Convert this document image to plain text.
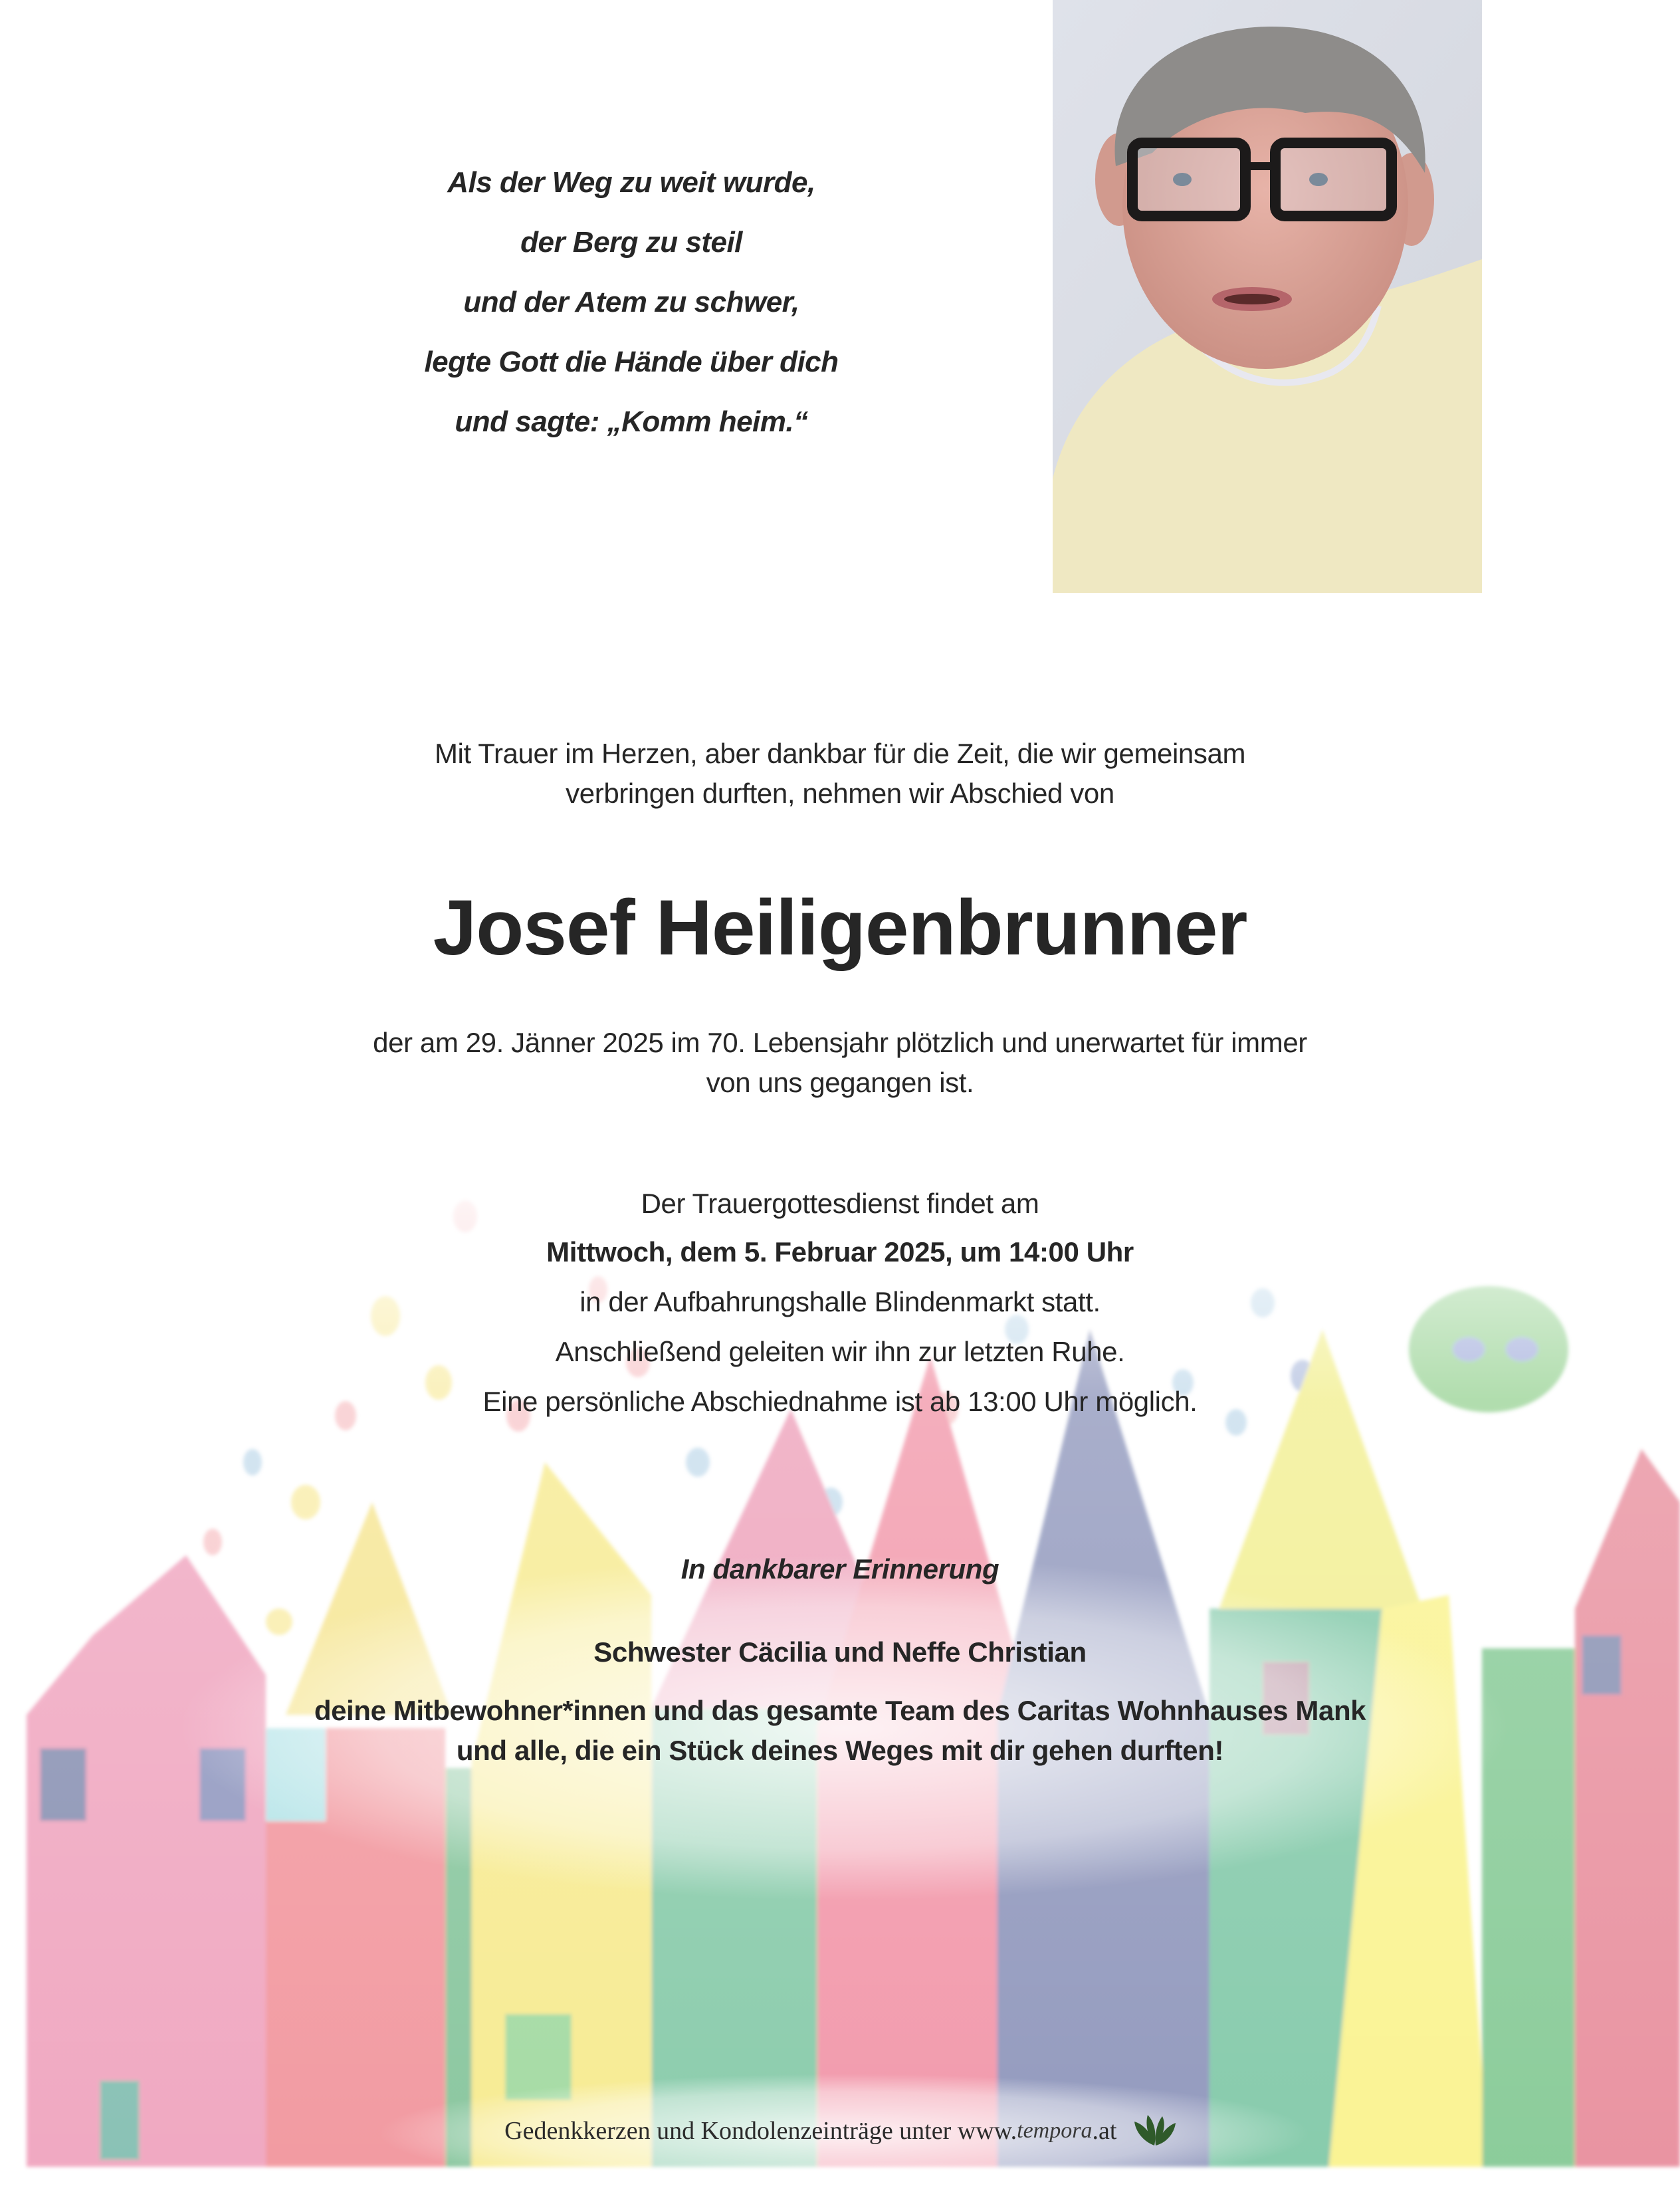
Als der Weg zu weit wurde,
der Berg zu steil
und der Atem zu schwer,
legte Gott die Hände über dich
und sagte: „Komm heim.“
Mit Trauer im Herzen, aber dankbar für die Zeit, die wir gemeinsam
verbringen durften, nehmen wir Abschied von
Josef Heiligenbrunner
der am 29. Jänner 2025 im 70. Lebensjahr plötzlich und unerwartet für immer
von uns gegangen ist.
Der Trauergottesdienst findet am
Mittwoch, dem 5. Februar 2025, um 14:00 Uhr
in der Aufbahrungshalle Blindenmarkt statt.
Anschließend geleiten wir ihn zur letzten Ruhe.
Eine persönliche Abschiednahme ist ab 13:00 Uhr möglich.
In dankbarer Erinnerung
Schwester Cäcilia und Neffe Christian
deine Mitbewohner*innen und das gesamte Team des Caritas Wohnhauses Mank
und alle, die ein Stück deines Weges mit dir gehen durften!
Gedenkkerzen und Kondolenzeinträge unter www.tempora.at
